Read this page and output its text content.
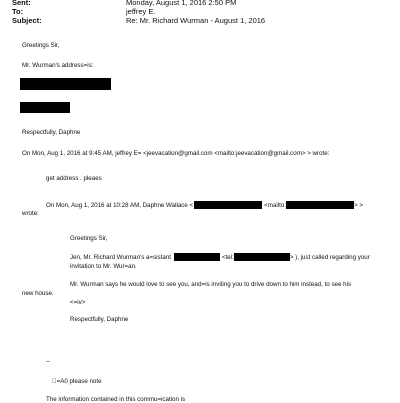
Sent:	Monday, August 1, 2016 2:50 PM
To:	jeffrey E.
Subject:	Re: Mr. Richard Wurman - August 1, 2016
Greetings Sir,
Mr. Wurman's address=is:
Respectfully, Daphne
On Mon, Aug 1, 2016 at 9:45 AM, jeffrey E= <jeevacation@gmail.com <mailto:jeevacation@gmail.com> > wrote:
get address . pleaes
On Mon, Aug 1, 2016 at 10:28 AM, Daphne Wallace <	<mailto:	> >
wrote:
Greetings Sir,
Jen, Mr. Richard Wurman's a=sistant	<tel:	> ), just called regarding your
invitation to Mr. Wur=an.
Mr. Wurman says he would love to see you, and=is inviting you to drive down to him instead, to see his
new house.
<=iv>
Respectfully, Daphne
--
 =A0 please note
The information contained in this commu=ication is
